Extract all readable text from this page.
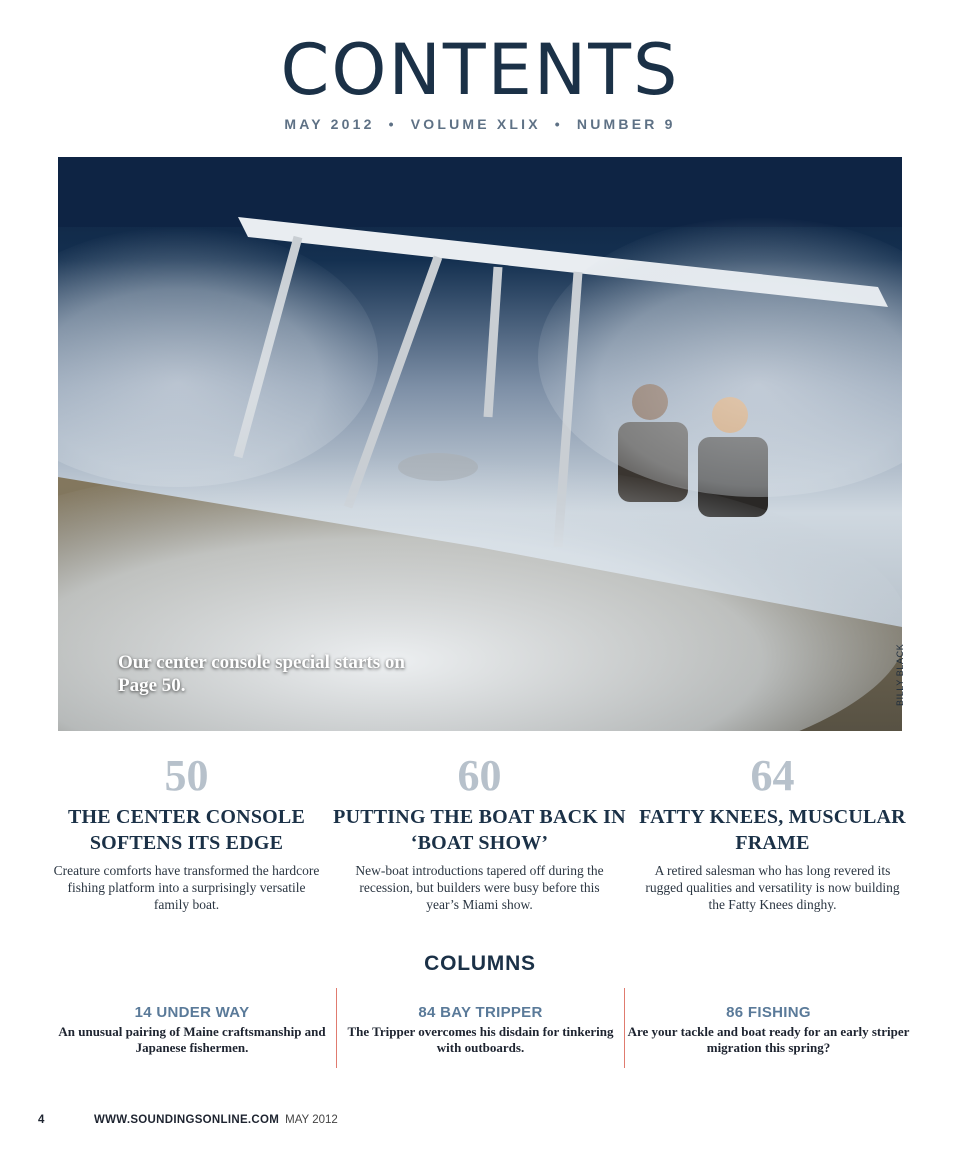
CONTENTS
MAY 2012 • VOLUME XLIX • NUMBER 9
Our center console special starts on Page 50.	BILLY BLACK
50
THE CENTER CONSOLE SOFTENS ITS EDGE
Creature comforts have transformed the hardcore fishing platform into a surprisingly versatile family boat.
60
PUTTING THE BOAT BACK IN ‘BOAT SHOW’
New-boat introductions tapered off during the recession, but builders were busy before this year’s Miami show.
64
FATTY KNEES, MUSCULAR FRAME
A retired salesman who has long revered its rugged qualities and versatility is now building the Fatty Knees dinghy.
COLUMNS
14 UNDER WAY
An unusual pairing of Maine craftsmanship and Japanese fishermen.
84 BAY TRIPPER
The Tripper overcomes his disdain for tinkering with outboards.
86 FISHING
Are your tackle and boat ready for an early striper migration this spring?
4	WWW.SOUNDINGSONLINE.COM MAY 2012
